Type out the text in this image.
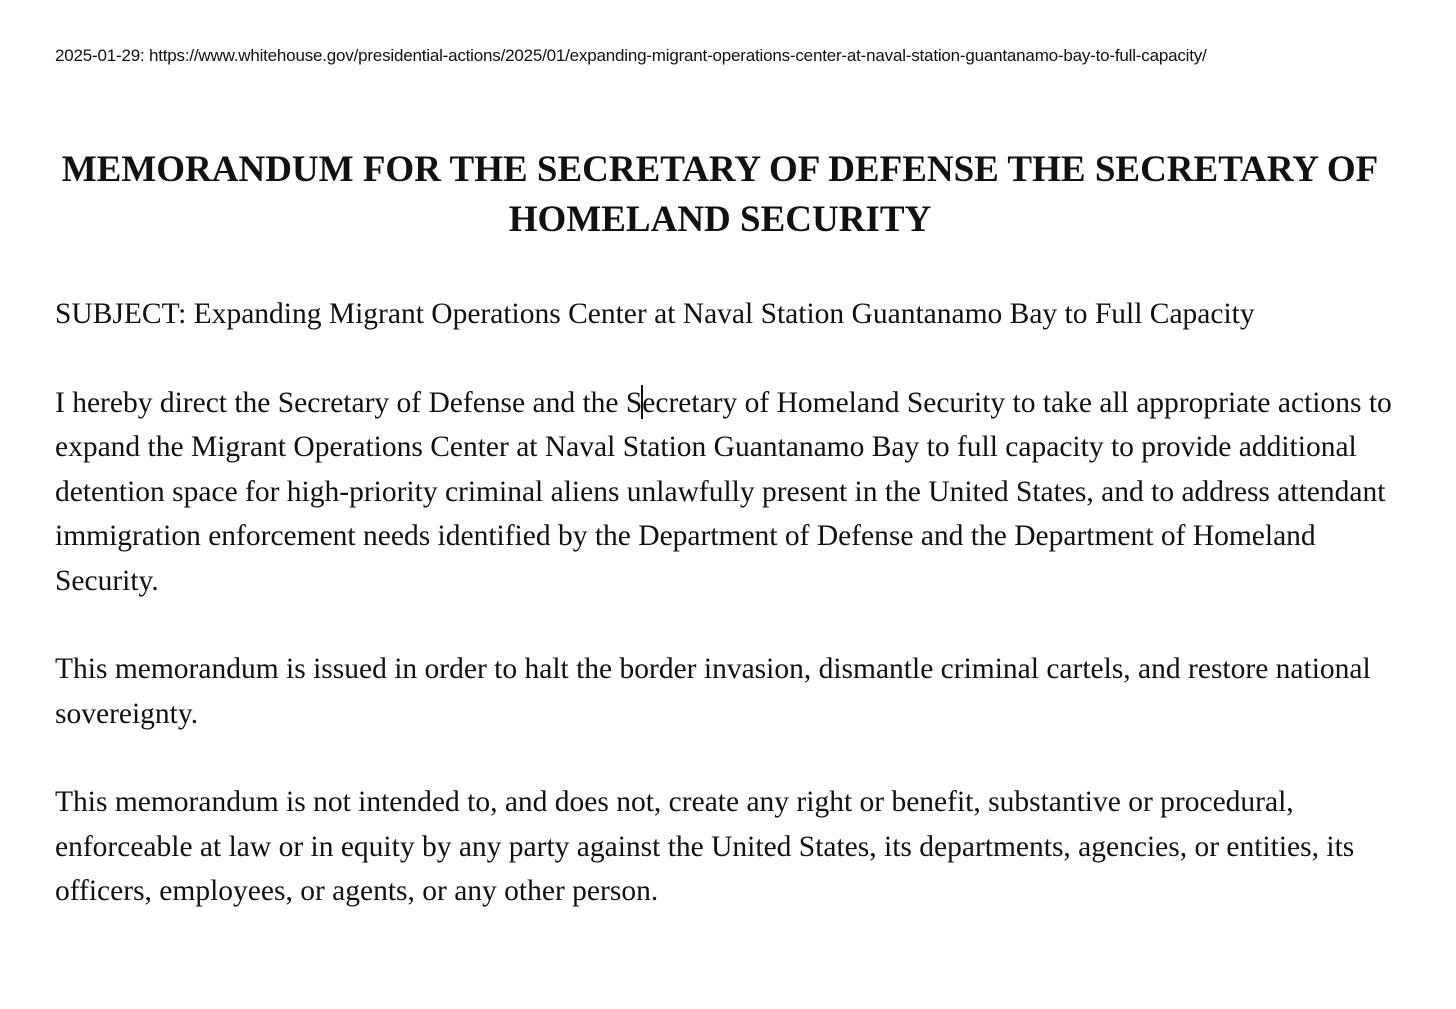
2025-01-29: https://www.whitehouse.gov/presidential-actions/2025/01/expanding-migrant-operations-center-at-naval-station-guantanamo-bay-to-full-capacity/
MEMORANDUM FOR THE SECRETARY OF DEFENSE THE SECRETARY OF HOMELAND SECURITY

SUBJECT: Expanding Migrant Operations Center at Naval Station Guantanamo Bay to Full Capacity

I hereby direct the Secretary of Defense and the Secretary of Homeland Security to take all appropriate actions to expand the Migrant Operations Center at Naval Station Guantanamo Bay to full capacity to provide additional detention space for high-priority criminal aliens unlawfully present in the United States, and to address attendant immigration enforcement needs identified by the Department of Defense and the Department of Homeland Security.

This memorandum is issued in order to halt the border invasion, dismantle criminal cartels, and restore national sovereignty.

This memorandum is not intended to, and does not, create any right or benefit, substantive or procedural, enforceable at law or in equity by any party against the United States, its departments, agencies, or entities, its officers, employees, or agents, or any other person.
